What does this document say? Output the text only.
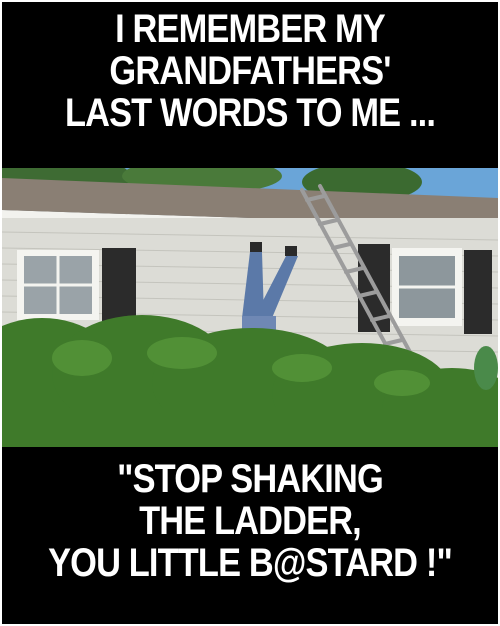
I REMEMBER MY
GRANDFATHERS'
LAST WORDS TO ME ...
"STOP SHAKING
THE LADDER,
YOU LITTLE B@STARD !"
